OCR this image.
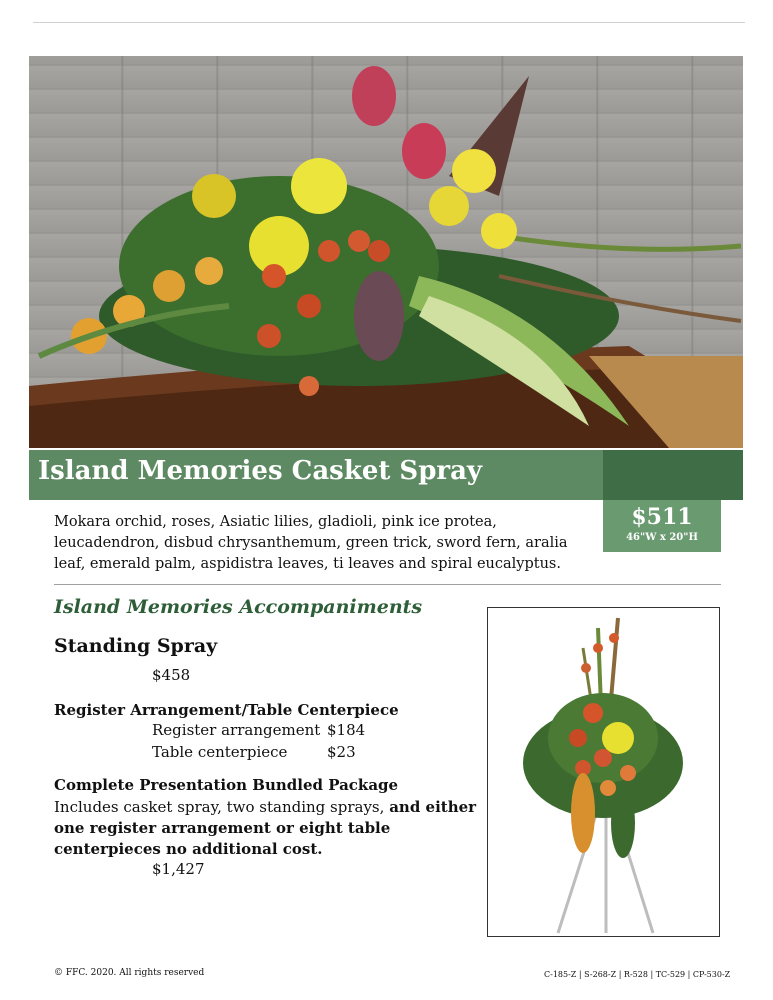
Island Memories Casket Spray
$511
46"W x 20"H
Mokara orchid, roses, Asiatic lilies, gladioli, pink ice protea, leucadendron, disbud chrysanthemum, green trick, sword fern, aralia leaf, emerald palm, aspidistra leaves, ti leaves and spiral eucalyptus.
Island Memories Accompaniments
Standing Spray
$458
Register Arrangement/Table Centerpiece
Register arrangement $184
Table centerpiece	$23
Complete Presentation Bundled Package
Includes casket spray, two standing sprays, and either one register arrangement or eight table centerpieces no additional cost.
$1,427
© FFC. 2020. All rights reserved	C-185-Z | S-268-Z | R-528 | TC-529 | CP-530-Z
